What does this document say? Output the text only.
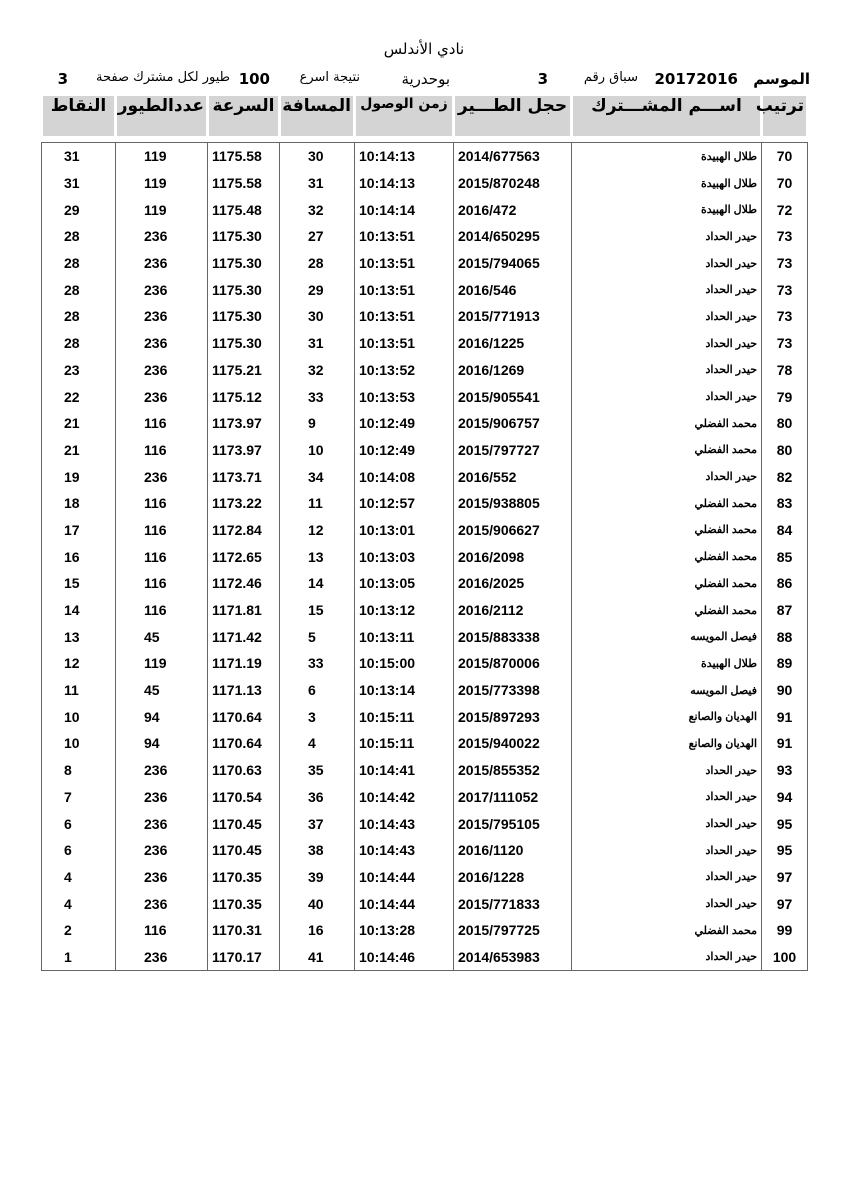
نادي الأندلس
الموسم
20172016
سباق رقم
3
بوحدرية
نتيجة اسرع
100
طيور لكل مشترك صفحة
3
ترتيب	اســـم المشـــترك	حجل الطـــير	زمن الوصول	المسافة	السرعة	عددالطيور	النقاط

70	طلال الهبيدة	2014/677563	10:14:13	30	1175.58	119	31
70	طلال الهبيدة	2015/870248	10:14:13	31	1175.58	119	31
72	طلال الهبيدة	2016/472	10:14:14	32	1175.48	119	29
73	حيدر الحداد	2014/650295	10:13:51	27	1175.30	236	28
73	حيدر الحداد	2015/794065	10:13:51	28	1175.30	236	28
73	حيدر الحداد	2016/546	10:13:51	29	1175.30	236	28
73	حيدر الحداد	2015/771913	10:13:51	30	1175.30	236	28
73	حيدر الحداد	2016/1225	10:13:51	31	1175.30	236	28
78	حيدر الحداد	2016/1269	10:13:52	32	1175.21	236	23
79	حيدر الحداد	2015/905541	10:13:53	33	1175.12	236	22
80	محمد الفضلي	2015/906757	10:12:49	9	1173.97	116	21
80	محمد الفضلي	2015/797727	10:12:49	10	1173.97	116	21
82	حيدر الحداد	2016/552	10:14:08	34	1173.71	236	19
83	محمد الفضلي	2015/938805	10:12:57	11	1173.22	116	18
84	محمد الفضلي	2015/906627	10:13:01	12	1172.84	116	17
85	محمد الفضلي	2016/2098	10:13:03	13	1172.65	116	16
86	محمد الفضلي	2016/2025	10:13:05	14	1172.46	116	15
87	محمد الفضلي	2016/2112	10:13:12	15	1171.81	116	14
88	فيصل المويسه	2015/883338	10:13:11	5	1171.42	45	13
89	طلال الهبيدة	2015/870006	10:15:00	33	1171.19	119	12
90	فيصل المويسه	2015/773398	10:13:14	6	1171.13	45	11
91	الهديان والصانع	2015/897293	10:15:11	3	1170.64	94	10
91	الهديان والصانع	2015/940022	10:15:11	4	1170.64	94	10
93	حيدر الحداد	2015/855352	10:14:41	35	1170.63	236	8
94	حيدر الحداد	2017/111052	10:14:42	36	1170.54	236	7
95	حيدر الحداد	2015/795105	10:14:43	37	1170.45	236	6
95	حيدر الحداد	2016/1120	10:14:43	38	1170.45	236	6
97	حيدر الحداد	2016/1228	10:14:44	39	1170.35	236	4
97	حيدر الحداد	2015/771833	10:14:44	40	1170.35	236	4
99	محمد الفضلي	2015/797725	10:13:28	16	1170.31	116	2
100	حيدر الحداد	2014/653983	10:14:46	41	1170.17	236	1
